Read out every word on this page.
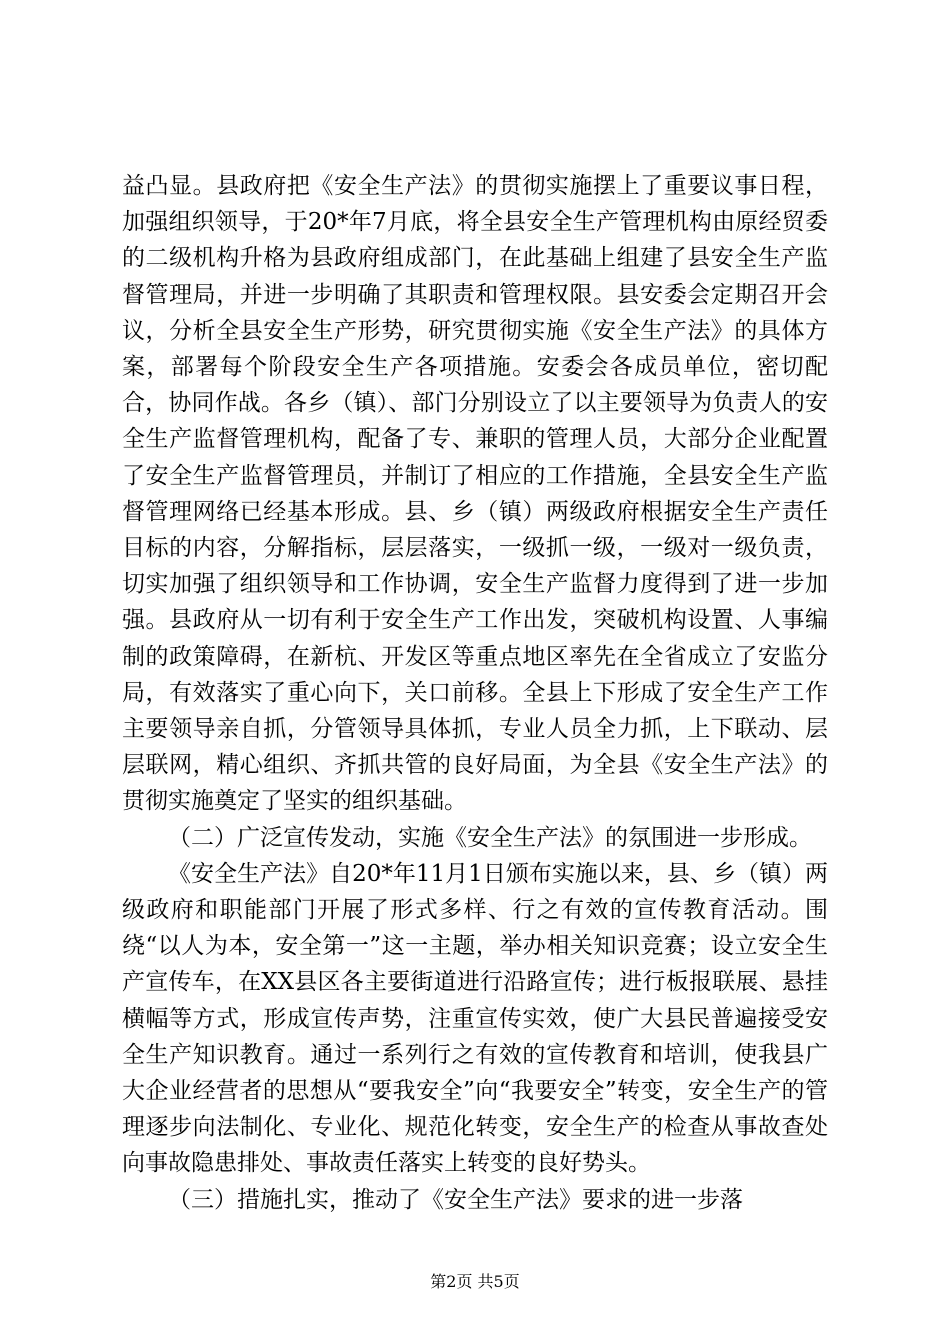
益凸显。县政府把《安全生产法》的贯彻实施摆上了重要议事日程，加强组织领导，于20*年7月底，将全县安全生产管理机构由原经贸委的二级机构升格为县政府组成部门，在此基础上组建了县安全生产监督管理局，并进一步明确了其职责和管理权限。县安委会定期召开会议，分析全县安全生产形势，研究贯彻实施《安全生产法》的具体方案，部署每个阶段安全生产各项措施。安委会各成员单位，密切配合，协同作战。各乡（镇）、部门分别设立了以主要领导为负责人的安全生产监督管理机构，配备了专、兼职的管理人员，大部分企业配置了安全生产监督管理员，并制订了相应的工作措施，全县安全生产监督管理网络已经基本形成。县、乡（镇）两级政府根据安全生产责任目标的内容，分解指标，层层落实，一级抓一级，一级对一级负责，切实加强了组织领导和工作协调，安全生产监督力度得到了进一步加强。县政府从一切有利于安全生产工作出发，突破机构设置、人事编制的政策障碍，在新杭、开发区等重点地区率先在全省成立了安监分局，有效落实了重心向下，关口前移。全县上下形成了安全生产工作主要领导亲自抓，分管领导具体抓，专业人员全力抓，上下联动、层层联网，精心组织、齐抓共管的良好局面，为全县《安全生产法》的贯彻实施奠定了坚实的组织基础。

（二）广泛宣传发动，实施《安全生产法》的氛围进一步形成。

《安全生产法》自20*年11月1日颁布实施以来，县、乡（镇）两级政府和职能部门开展了形式多样、行之有效的宣传教育活动。围绕“以人为本，安全第一”这一主题，举办相关知识竞赛；设立安全生产宣传车，在XX县区各主要街道进行沿路宣传；进行板报联展、悬挂横幅等方式，形成宣传声势，注重宣传实效，使广大县民普遍接受安全生产知识教育。通过一系列行之有效的宣传教育和培训，使我县广大企业经营者的思想从“要我安全”向“我要安全”转变，安全生产的管理逐步向法制化、专业化、规范化转变，安全生产的检查从事故查处向事故隐患排处、事故责任落实上转变的良好势头。

（三）措施扎实，推动了《安全生产法》要求的进一步落

第2页 共5页
